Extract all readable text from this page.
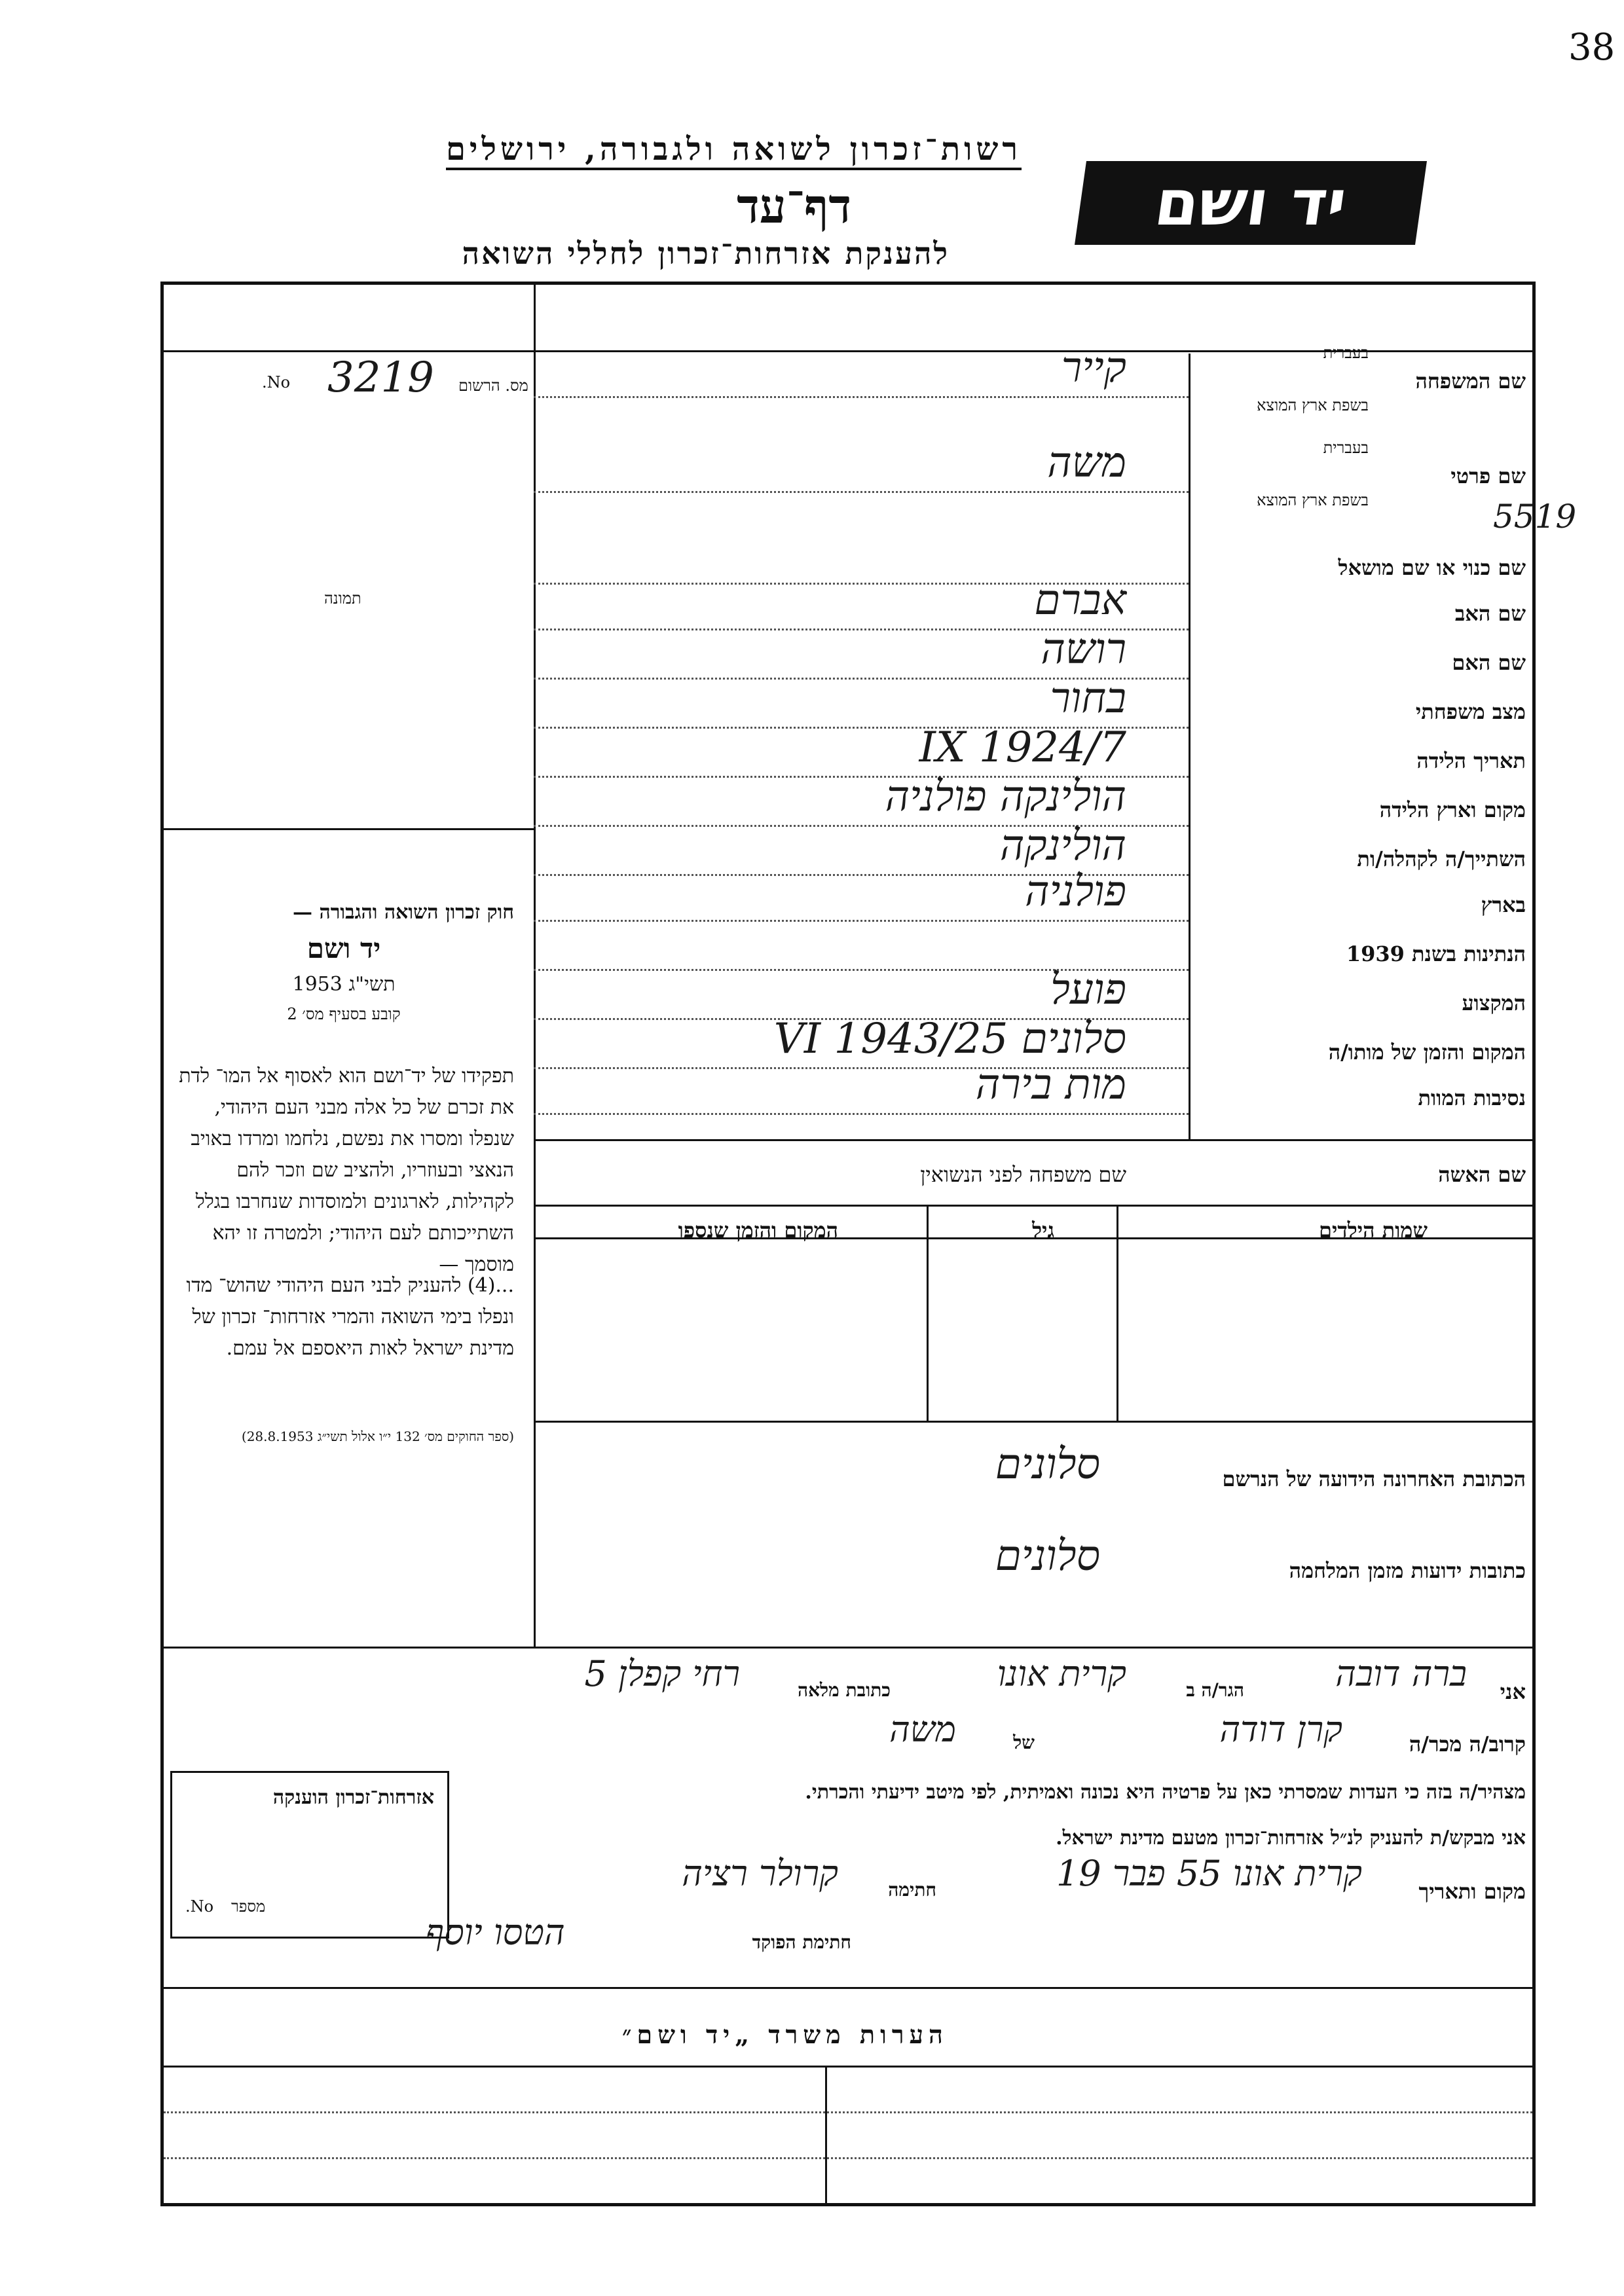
38
רשות־זכרון לשואה ולגבורה, ירושלים
דף־עד
להענקת אזרחות־זכרון לחללי השואה
יד ושם
No. 3219 מס. הרשום
תמונה
5519
שם המשפחה
בעברית
בשפת ארץ המוצא
קייר
שם פרטי
בעברית
בשפת ארץ המוצא
משה
שם כנוי או שם מושאל
שם האב
אברם
שם האם
רושה
מצב משפחתי
בחור
תאריך הלידה
7/IX 1924
מקום וארץ הלידה
הולינקה פולניה
השתייך/ה לקהלה/ות
הולינקה
בארץ
פולניה
הנתינות בשנת 1939
המקצוע
פועל
המקום והזמן של מותו/ה
סלונים 25/VI 1943
נסיבות המוות
מות בירה
חוק זכרון השואה והגבורה —
יד ושם
תשי"ג 1953
קובע בסעיף מס׳ 2
תפקידו של יד־ושם הוא לאסוף אל המו־ לדת את זכרם של כל אלה מבני העם היהודי, שנפלו ומסרו את נפשם, נלחמו ומרדו באויב הנאצי ובעוזריו, ולהציב שם וזכר להם לקהילות, לארגונים ולמוסדות שנחרבו בגלל השתייכותם לעם היהודי; ולמטרה זו יהא מוסמך —
...(4) להעניק לבני העם היהודי שהוש־ מדו ונפלו בימי השואה והמרי אזרחות־ זכרון של מדינת ישראל לאות היאספם אל עמם.
(ספר החוקים מס׳ 132 י״ו אלול תשי״ג 28.8.1953)
שם האשה
שם משפחה לפני הנשואין
שמות הילדים
גיל
המקום והזמן שנספו
הכתובת האחרונה הידועה של הנרשם
סלונים
כתובות ידועות מזמן המלחמה
סלונים
אני
ברה דובה
הגר/ה ב
קרית אונו
כתובת מלאה
רחי קפלן 5
קרוב/ה מכר/ה
קרן דודה
של
משה
מצהיר/ה בזה כי העדות שמסרתי כאן על פרטיה היא נכונה ואמיתית, לפי מיטב ידיעתי והכרתי.
אני מבקש/ת להעניק לנ״ל אזרחות־זכרון מטעם מדינת ישראל.
מקום ותאריך
קרית אונו 55 פבר 19
חתימה
קרולר רציה
חתימת הפוקד
הטסו יוסף
אזרחות־זכרון הוענקה
No. מספר
הערות משרד „יד ושם״
